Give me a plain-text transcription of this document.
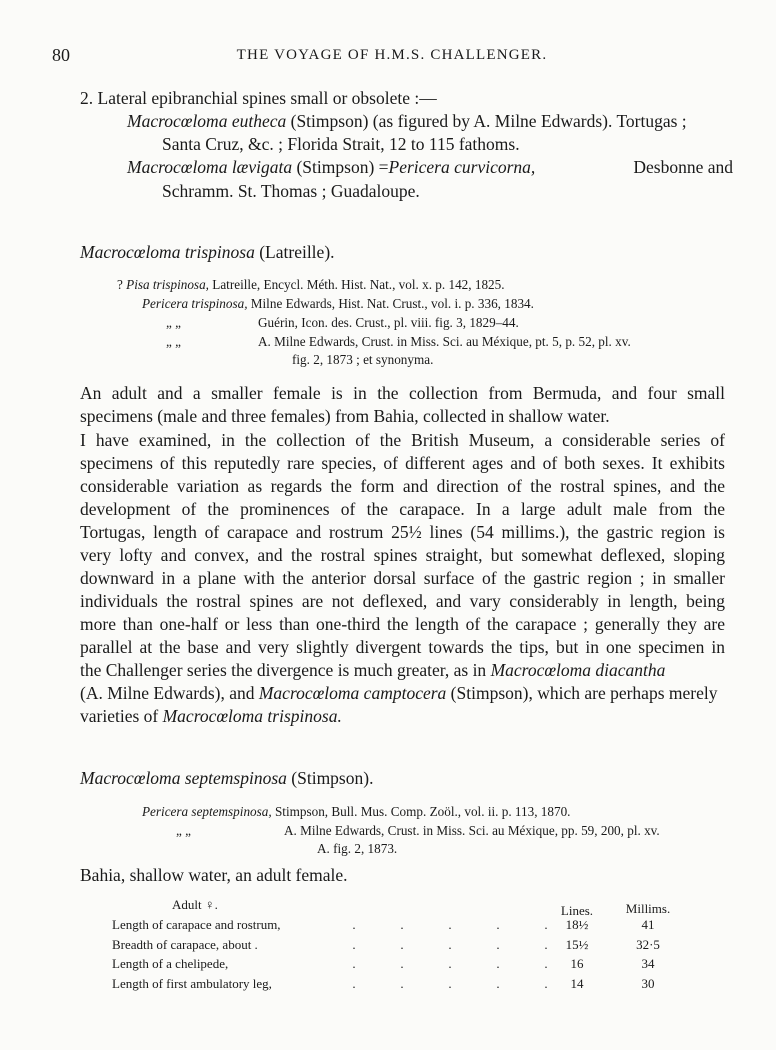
80	THE VOYAGE OF H.M.S. CHALLENGER.
2. Lateral epibranchial spines small or obsolete :—
Macrocœloma eutheca (Stimpson) (as figured by A. Milne Edwards). Tortugas ;
Santa Cruz, &c. ; Florida Strait, 12 to 115 fathoms.
Macrocœloma lævigata (Stimpson) =Pericera curvicorna,	Desbonne and
Schramm. St. Thomas ; Guadaloupe.
Macrocœloma trispinosa (Latreille).
? Pisa trispinosa, Latreille, Encycl. Méth. Hist. Nat., vol. x. p. 142, 1825.
Pericera trispinosa, Milne Edwards, Hist. Nat. Crust., vol. i. p. 336, 1834.
„ „	Guérin, Icon. des. Crust., pl. viii. fig. 3, 1829–44.
„ „	A. Milne Edwards, Crust. in Miss. Sci. au Méxique, pt. 5, p. 52, pl. xv.
fig. 2, 1873 ; et synonyma.
An adult and a smaller female is in the collection from Bermuda, and four small
specimens (male and three females) from Bahia, collected in shallow water.
I have examined, in the collection of the British Museum, a considerable series of
specimens of this reputedly rare species, of different ages and of both sexes. It exhibits
considerable variation as regards the form and direction of the rostral spines, and the
development of the prominences of the carapace. In a large adult male from the
Tortugas, length of carapace and rostrum 25½ lines (54 millims.), the gastric region is
very lofty and convex, and the rostral spines straight, but somewhat deflexed, sloping
downward in a plane with the anterior dorsal surface of the gastric region ; in smaller
individuals the rostral spines are not deflexed, and vary considerably in length, being
more than one-half or less than one-third the length of the carapace ; generally they are
parallel at the base and very slightly divergent towards the tips, but in one specimen in
the Challenger series the divergence is much greater, as in Macrocœloma diacantha
(A. Milne Edwards), and Macrocœloma camptocera (Stimpson), which are perhaps merely
varieties of Macrocœloma trispinosa.
Macrocœloma septemspinosa (Stimpson).
Pericera septemspinosa, Stimpson, Bull. Mus. Comp. Zoöl., vol. ii. p. 113, 1870.
„ „	A. Milne Edwards, Crust. in Miss. Sci. au Méxique, pp. 59, 200, pl. xv.
A. fig. 2, 1873.
Bahia, shallow water, an adult female.
Adult ♀.	Lines.	Millims.
Length of carapace and rostrum,	.	.	.	.	.	18½	41
Breadth of carapace, about .	.	.	.	.	.	15½	32·5
Length of a chelipede,	.	.	.	.	.	16	34
Length of first ambulatory leg,	.	.	.	.	.	14	30
